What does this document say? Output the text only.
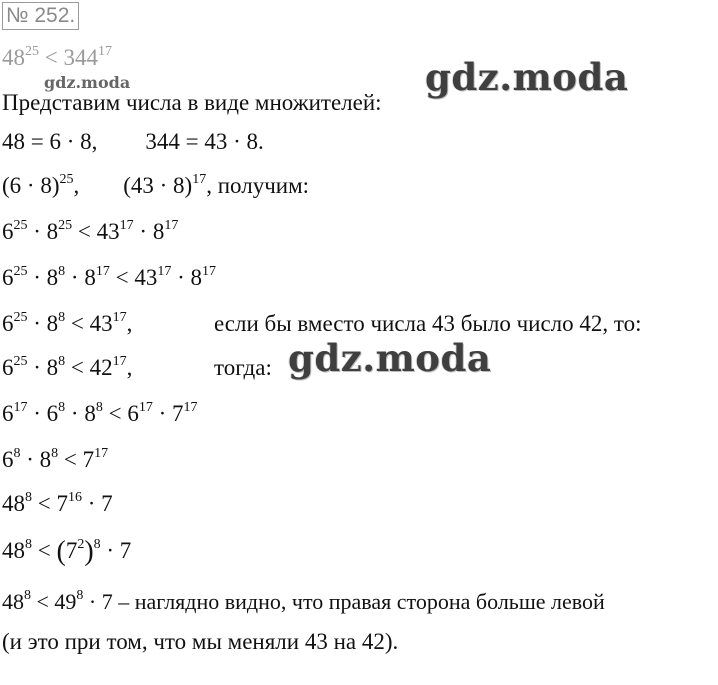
№ 252.
$48^{25} < 344^{17}$
gdz.moda	gdz.moda
Представим числа в виде множителей:
48 = 6 · 8, 344 = 43 · 8.
$(6 \cdot 8)^{25}$, $(43 \cdot 8)^{17}$, получим:
$6^{25} \cdot 8^{25} < 43^{17} \cdot 8^{17}$
$6^{25} \cdot 8^8 \cdot 8^{17} < 43^{17} \cdot 8^{17}$
$6^{25} \cdot 8^8 < 43^{17}$,	если бы вместо числа 43 было число 42, то:
$6^{25} \cdot 8^8 < 42^{17}$,	тогда: gdz.moda
$6^{17} \cdot 6^8 \cdot 8^8 < 6^{17} \cdot 7^{17}$
$6^8 \cdot 8^8 < 7^{17}$
$48^8 < 7^{16} \cdot 7$
$48^8 < (7^2)^8 \cdot 7$
$48^8 < 49^8 \cdot 7$ – наглядно видно, что правая сторона больше левой
(и это при том, что мы меняли 43 на 42).
